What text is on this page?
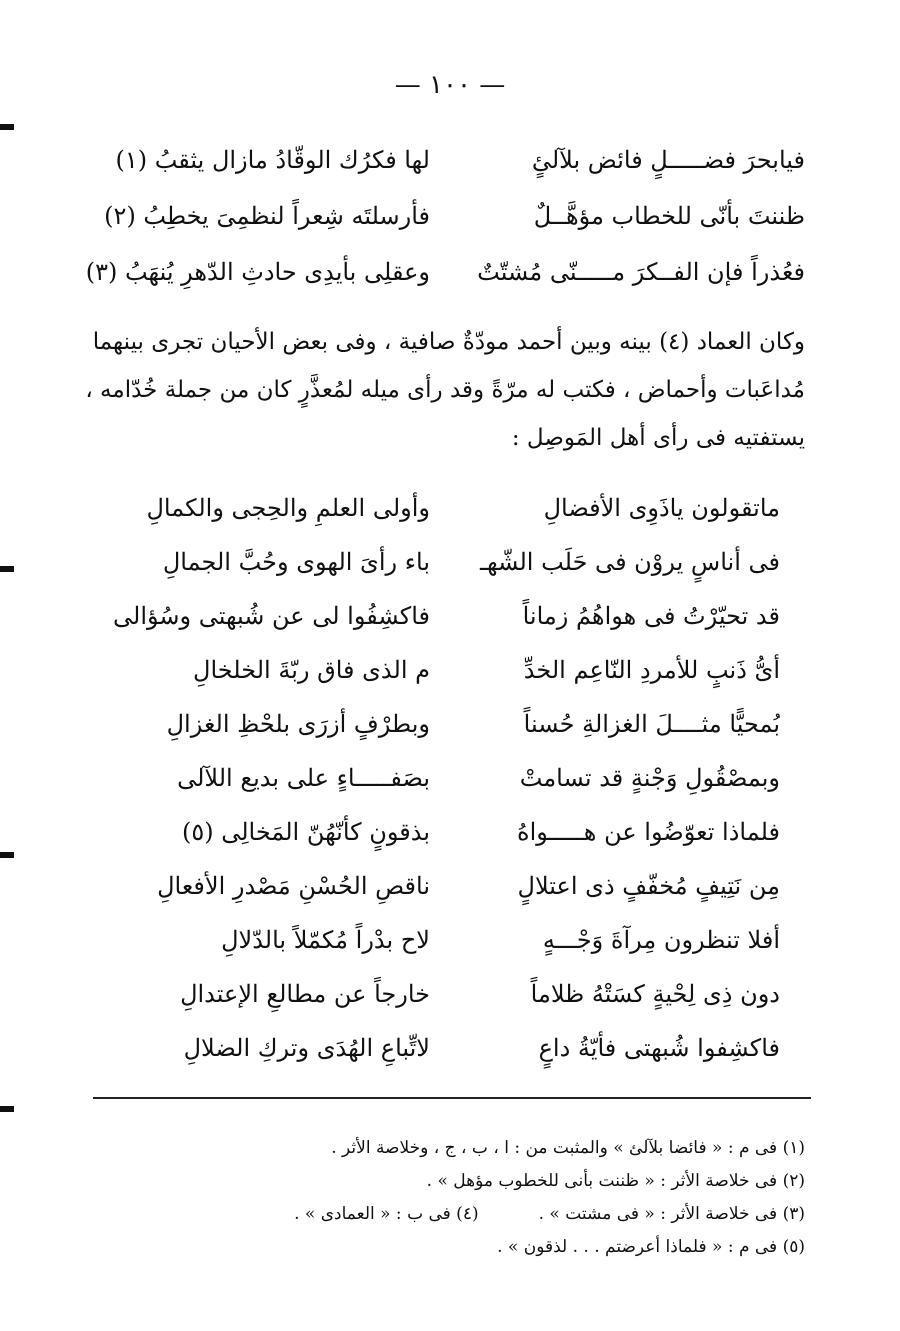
— ١٠٠ —
فيابحرَ فضـــــلٍ فائض بلآلئٍ
لها فكرُك الوقّادُ مازال يثقبُ (١)
ظننتَ بأنّى للخطاب مؤهَّــلٌ
فأرسلتَه شِعراً لنظمِىَ يخطِبُ (٢)
فعُذراً فإن الفــكرَ مـــــنّى مُشتّتٌ
وعقلِى بأيدِى حادثِ الدّهرِ يُنهَبُ (٣)
وكان العماد (٤) بينه وبين أحمد مودّةٌ صافية ، وفى بعض الأحيان تجرى بينهما
مُداعَبات وأحماض ، فكتب له مرّةً وقد رأى ميله لمُعذَّرٍ كان من جملة خُدّامه ،
يستفتيه فى رأى أهل المَوصِل :
ماتقولون ياذَوِى الأفضالِ
وأولى العلمِ والحِجى والكمالِ
فى أناسٍ يروْن فى حَلَب الشّهـ
باء رأىَ الهوى وحُبَّ الجمالِ
قد تحيّرْتُ فى هواهُمُ زماناً
فاكشِفُوا لى عن شُبهتى وسُؤالى
أىُّ ذَنبٍ للأمردِ النّاعِم الخدِّ
م الذى فاق ربّةَ الخلخالِ
بُمحيًّا مثــــلَ الغزالةِ حُسناً
وبطرْفٍ أزرَى بلحْظِ الغزالِ
وبمصْقُولِ وَجْنةٍ قد تسامتْ
بصَفـــــاءٍ على بديع اللآلى
فلماذا تعوّضُوا عن هـــــواهُ
بذقونٍ كأنّهُنّ المَخالِى (٥)
مِن نَتِيفٍ مُخفّفٍ ذى اعتلالٍ
ناقصِ الحُسْنِ مَصْدرِ الأفعالِ
أفلا تنظرون مِرآةَ وَجْـــهٍ
لاح بدْراً مُكمّلاً بالدّلالِ
دون ذِى لِحْيةٍ كسَتْهُ ظلاماً
خارجاً عن مطالعِ الإعتدالِ
فاكشِفوا شُبهتى فأيّةُ داعٍ
لاتِّباعِ الهُدَى وتركِ الضلالِ
(١) فى م : « فائضا بلآلئ » والمثبت من : ا ، ب ، ج ، وخلاصة الأثر .
(٢) فى خلاصة الأثر : « ظننت بأنى للخطوب مؤهل » .
(٣) فى خلاصة الأثر : « فى مشتت » .(٤) فى ب : « العمادى » .
(٥) فى م : « فلماذا أعرضتم . . . لذقون » .
